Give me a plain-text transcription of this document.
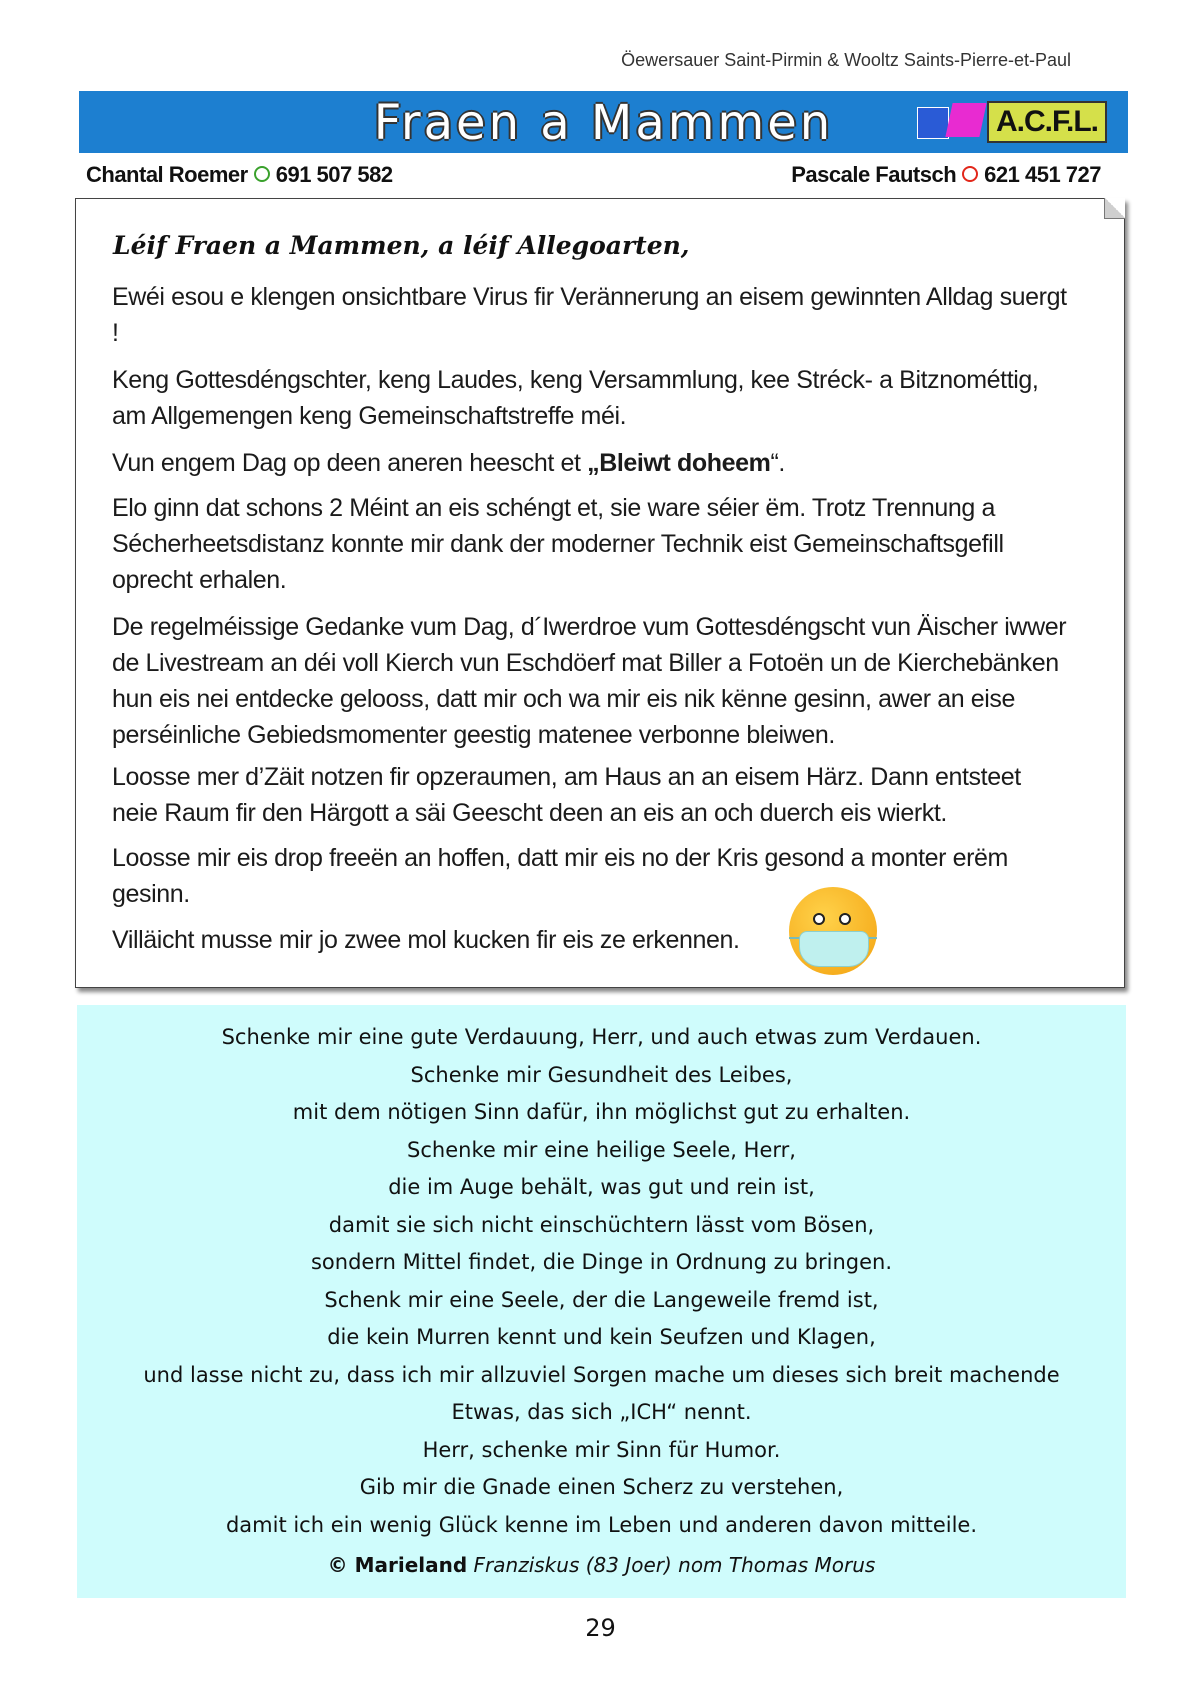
Öewersauer Saint-Pirmin & Wooltz Saints-Pierre-et-Paul
Fraen a Mammen	A.C.F.L.
Chantal Roemer 691 507 582	Pascale Fautsch 621 451 727
Léif Fraen a Mammen, a léif Allegoarten,
Ewéi esou e klengen onsichtbare Virus fir Verännerung an eisem gewinnten Alldag suergt !
Keng Gottesdéngschter, keng Laudes, keng Versammlung, kee Stréck- a Bitznométtig, am Allgemengen keng Gemeinschaftstreffe méi.
Vun engem Dag op deen aneren heescht et „Bleiwt doheem“.
Elo ginn dat schons 2 Méint an eis schéngt et, sie ware séier ëm. Trotz Trennung a Sécherheetsdistanz konnte mir dank der moderner Technik eist Gemeinschaftsgefill oprecht erhalen.
De regelméissige Gedanke vum Dag, d´Iwerdroe vum Gottesdéngscht vun Äischer iwwer de Livestream an déi voll Kierch vun Eschdöerf mat Biller a Fotoën un de Kierchebänken hun eis nei entdecke gelooss, datt mir och wa mir eis nik kënne gesinn, awer an eise perséinliche Gebiedsmomenter geestig matenee verbonne bleiwen.
Loosse mer d’Zäit notzen fir opzeraumen, am Haus an an eisem Härz. Dann entsteet neie Raum fir den Härgott a säi Geescht deen an eis an och duerch eis wierkt.
Loosse mir eis drop freeën an hoffen, datt mir eis no der Kris gesond a monter erëm gesinn.
Villäicht musse mir jo zwee mol kucken fir eis ze erkennen.
Schenke mir eine gute Verdauung, Herr, und auch etwas zum Verdauen.
Schenke mir Gesundheit des Leibes,
mit dem nötigen Sinn dafür, ihn möglichst gut zu erhalten.
Schenke mir eine heilige Seele, Herr,
die im Auge behält, was gut und rein ist,
damit sie sich nicht einschüchtern lässt vom Bösen,
sondern Mittel findet, die Dinge in Ordnung zu bringen.
Schenk mir eine Seele, der die Langeweile fremd ist,
die kein Murren kennt und kein Seufzen und Klagen,
und lasse nicht zu, dass ich mir allzuviel Sorgen mache um dieses sich breit machende
Etwas, das sich „ICH“ nennt.
Herr, schenke mir Sinn für Humor.
Gib mir die Gnade einen Scherz zu verstehen,
damit ich ein wenig Glück kenne im Leben und anderen davon mitteile.
© Marieland Franziskus (83 Joer) nom Thomas Morus
29
